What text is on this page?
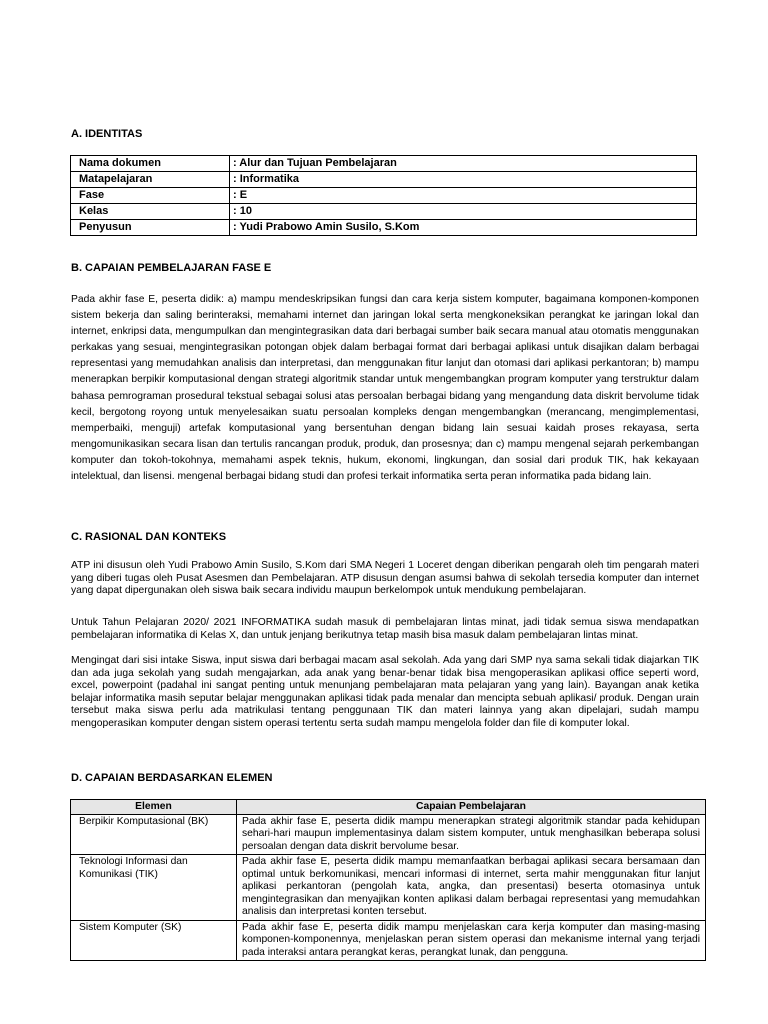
A. IDENTITAS
Nama dokumen	: Alur dan Tujuan Pembelajaran
Matapelajaran	: Informatika
Fase	: E
Kelas	: 10
Penyusun	: Yudi Prabowo Amin Susilo, S.Kom
B. CAPAIAN PEMBELAJARAN FASE E

Pada akhir fase E, peserta didik: a) mampu mendeskripsikan fungsi dan cara kerja sistem komputer, bagaimana komponen-komponen sistem bekerja dan saling berinteraksi, memahami internet dan jaringan lokal serta mengkoneksikan perangkat ke jaringan lokal dan internet, enkripsi data, mengumpulkan dan mengintegrasikan data dari berbagai sumber baik secara manual atau otomatis menggunakan perkakas yang sesuai, mengintegrasikan potongan objek dalam berbagai format dari berbagai aplikasi untuk disajikan dalam berbagai representasi yang memudahkan analisis dan interpretasi, dan menggunakan fitur lanjut dan otomasi dari aplikasi perkantoran; b) mampu menerapkan berpikir komputasional dengan strategi algoritmik standar untuk mengembangkan program komputer yang terstruktur dalam bahasa pemrograman prosedural tekstual sebagai solusi atas persoalan berbagai bidang yang mengandung data diskrit bervolume tidak kecil, bergotong royong untuk menyelesaikan suatu persoalan kompleks dengan mengembangkan (merancang, mengimplementasi, memperbaiki, menguji) artefak komputasional yang bersentuhan dengan bidang lain sesuai kaidah proses rekayasa, serta mengomunikasikan secara lisan dan tertulis rancangan produk, produk, dan prosesnya; dan c) mampu mengenal sejarah perkembangan komputer dan tokoh-tokohnya, memahami aspek teknis, hukum, ekonomi, lingkungan, dan sosial dari produk TIK, hak kekayaan intelektual, dan lisensi. mengenal berbagai bidang studi dan profesi terkait informatika serta peran informatika pada bidang lain.

C. RASIONAL DAN KONTEKS

ATP ini disusun oleh Yudi Prabowo Amin Susilo, S.Kom dari SMA Negeri 1 Loceret dengan diberikan pengarah oleh tim pengarah materi yang diberi tugas oleh Pusat Asesmen dan Pembelajaran. ATP disusun dengan asumsi bahwa di sekolah tersedia komputer dan internet yang dapat dipergunakan oleh siswa baik secara individu maupun berkelompok untuk mendukung pembelajaran.

Untuk Tahun Pelajaran 2020/ 2021 INFORMATIKA sudah masuk di pembelajaran lintas minat, jadi tidak semua siswa mendapatkan pembelajaran informatika di Kelas X, dan untuk jenjang berikutnya tetap masih bisa masuk dalam pembelajaran lintas minat.

Mengingat dari sisi intake Siswa, input siswa dari berbagai macam asal sekolah. Ada yang dari SMP nya sama sekali tidak diajarkan TIK dan ada juga sekolah yang sudah mengajarkan, ada anak yang benar-benar tidak bisa mengoperasikan aplikasi office seperti word, excel, powerpoint (padahal ini sangat penting untuk menunjang pembelajaran mata pelajaran yang yang lain). Bayangan anak ketika belajar informatika masih seputar belajar menggunakan aplikasi tidak pada menalar dan mencipta sebuah aplikasi/ produk. Dengan urain tersebut maka siswa perlu ada matrikulasi tentang penggunaan TIK dan materi lainnya yang akan dipelajari, sudah mampu mengoperasikan komputer dengan sistem operasi tertentu serta sudah mampu mengelola folder dan file di komputer lokal.

D. CAPAIAN BERDASARKAN ELEMEN
Elemen	Capaian Pembelajaran
Berpikir Komputasional (BK)	Pada akhir fase E, peserta didik mampu menerapkan strategi algoritmik standar pada kehidupan sehari-hari maupun implementasinya dalam sistem komputer, untuk menghasilkan beberapa solusi persoalan dengan data diskrit bervolume besar.
Teknologi Informasi dan Komunikasi (TIK)	Pada akhir fase E, peserta didik mampu memanfaatkan berbagai aplikasi secara bersamaan dan optimal untuk berkomunikasi, mencari informasi di internet, serta mahir menggunakan fitur lanjut aplikasi perkantoran (pengolah kata, angka, dan presentasi) beserta otomasinya untuk mengintegrasikan dan menyajikan konten aplikasi dalam berbagai representasi yang memudahkan analisis dan interpretasi konten tersebut.
Sistem Komputer (SK)	Pada akhir fase E, peserta didik mampu menjelaskan cara kerja komputer dan masing-masing komponen-komponennya, menjelaskan peran sistem operasi dan mekanisme internal yang terjadi pada interaksi antara perangkat keras, perangkat lunak, dan pengguna.
